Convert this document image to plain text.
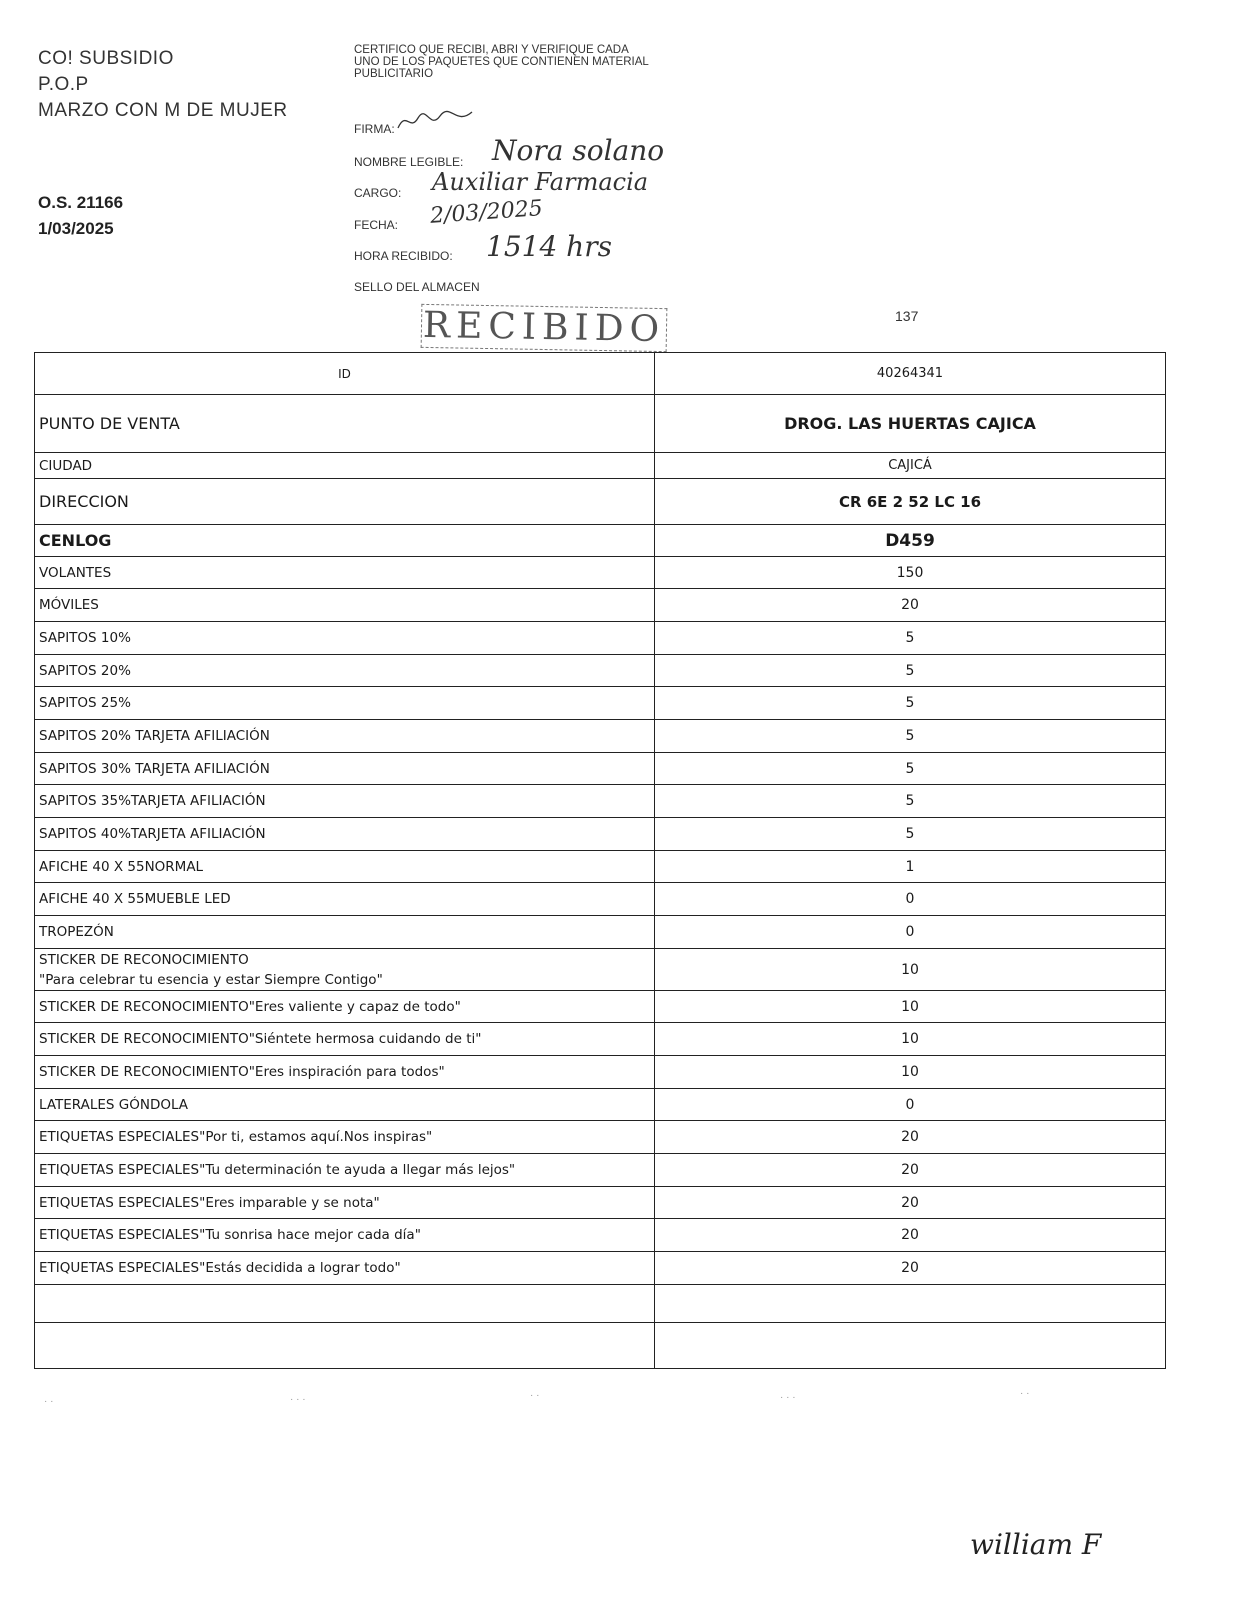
CO! SUBSIDIO
P.O.P
MARZO CON M DE MUJER
O.S. 21166
1/03/2025
CERTIFICO QUE RECIBI, ABRI Y VERIFIQUE CADA UNO DE LOS PAQUETES QUE CONTIENEN MATERIAL PUBLICITARIO
FIRMA:
NOMBRE LEGIBLE: Nora solano
CARGO: Auxiliar Farmacia
FECHA: 2/03/2025
HORA RECIBIDO: 1514 hrs
SELLO DEL ALMACEN
RECIBIDO	137
ID	40264341
PUNTO DE VENTA	DROG. LAS HUERTAS CAJICA
CIUDAD	CAJICÁ
DIRECCION	CR 6E 2 52 LC 16
CENLOG	D459
VOLANTES	150
MÓVILES	20
SAPITOS 10%	5
SAPITOS 20%	5
SAPITOS 25%	5
SAPITOS 20% TARJETA AFILIACIÓN	5
SAPITOS 30% TARJETA AFILIACIÓN	5
SAPITOS 35%TARJETA AFILIACIÓN	5
SAPITOS 40%TARJETA AFILIACIÓN	5
AFICHE 40 X 55NORMAL	1
AFICHE 40 X 55MUEBLE LED	0
TROPEZÓN	0

STICKER DE RECONOCIMIENTO
"Para celebrar tu esencia y estar Siempre Contigo"	10
STICKER DE RECONOCIMIENTO"Eres valiente y capaz de todo"	10
STICKER DE RECONOCIMIENTO"Siéntete hermosa cuidando de ti"	10
STICKER DE RECONOCIMIENTO"Eres inspiración para todos"	10
LATERALES GÓNDOLA	0
ETIQUETAS ESPECIALES"Por ti, estamos aquí.Nos inspiras"	20
ETIQUETAS ESPECIALES"Tu determinación te ayuda a llegar más lejos"	20
ETIQUETAS ESPECIALES"Eres imparable y se nota"	20
ETIQUETAS ESPECIALES"Tu sonrisa hace mejor cada día"	20
ETIQUETAS ESPECIALES"Estás decidida a lograr todo"	20

· ·	· · ·	· ·	· · ·	· ·
william F
